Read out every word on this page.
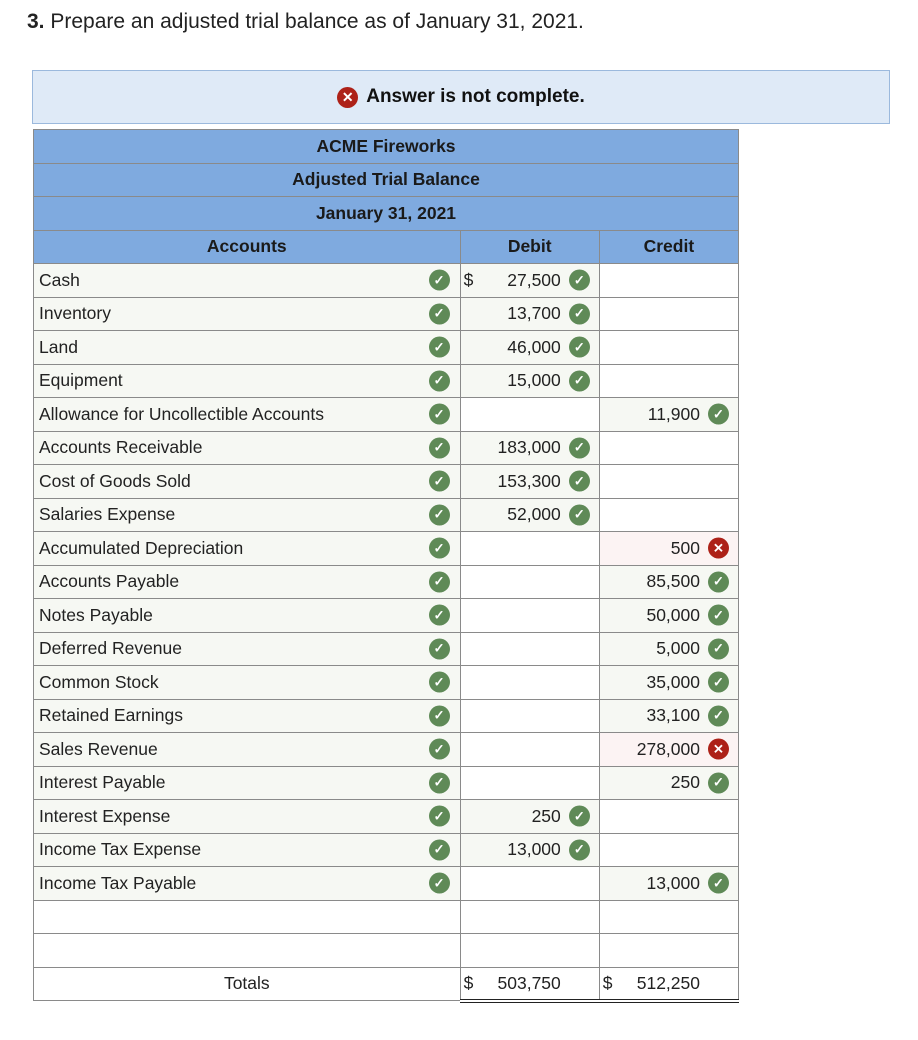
3. Prepare an adjusted trial balance as of January 31, 2021.
✕ Answer is not complete.
ACME Fireworks		
Adjusted Trial Balance		
January 31, 2021		
Accounts	Debit	Credit
Cash ✓	$ 27,500 ✓	

Inventory ✓	13,700 ✓	

Land ✓	46,000 ✓	

Equipment ✓	15,000 ✓	

Allowance for Uncollectible Accounts ✓		11,900 ✓

Accounts Receivable ✓	183,000 ✓	

Cost of Goods Sold ✓	153,300 ✓	

Salaries Expense ✓	52,000 ✓	

Accumulated Depreciation ✓		500 ✕

Accounts Payable ✓		85,500 ✓

Notes Payable ✓		50,000 ✓

Deferred Revenue ✓		5,000 ✓

Common Stock ✓		35,000 ✓

Retained Earnings ✓		33,100 ✓

Sales Revenue ✓		278,000 ✕

Interest Payable ✓		250 ✓

Interest Expense ✓	250 ✓	

Income Tax Expense ✓	13,000 ✓	

Income Tax Payable ✓		13,000 ✓

Totals	$ 503,750	$ 512,250
